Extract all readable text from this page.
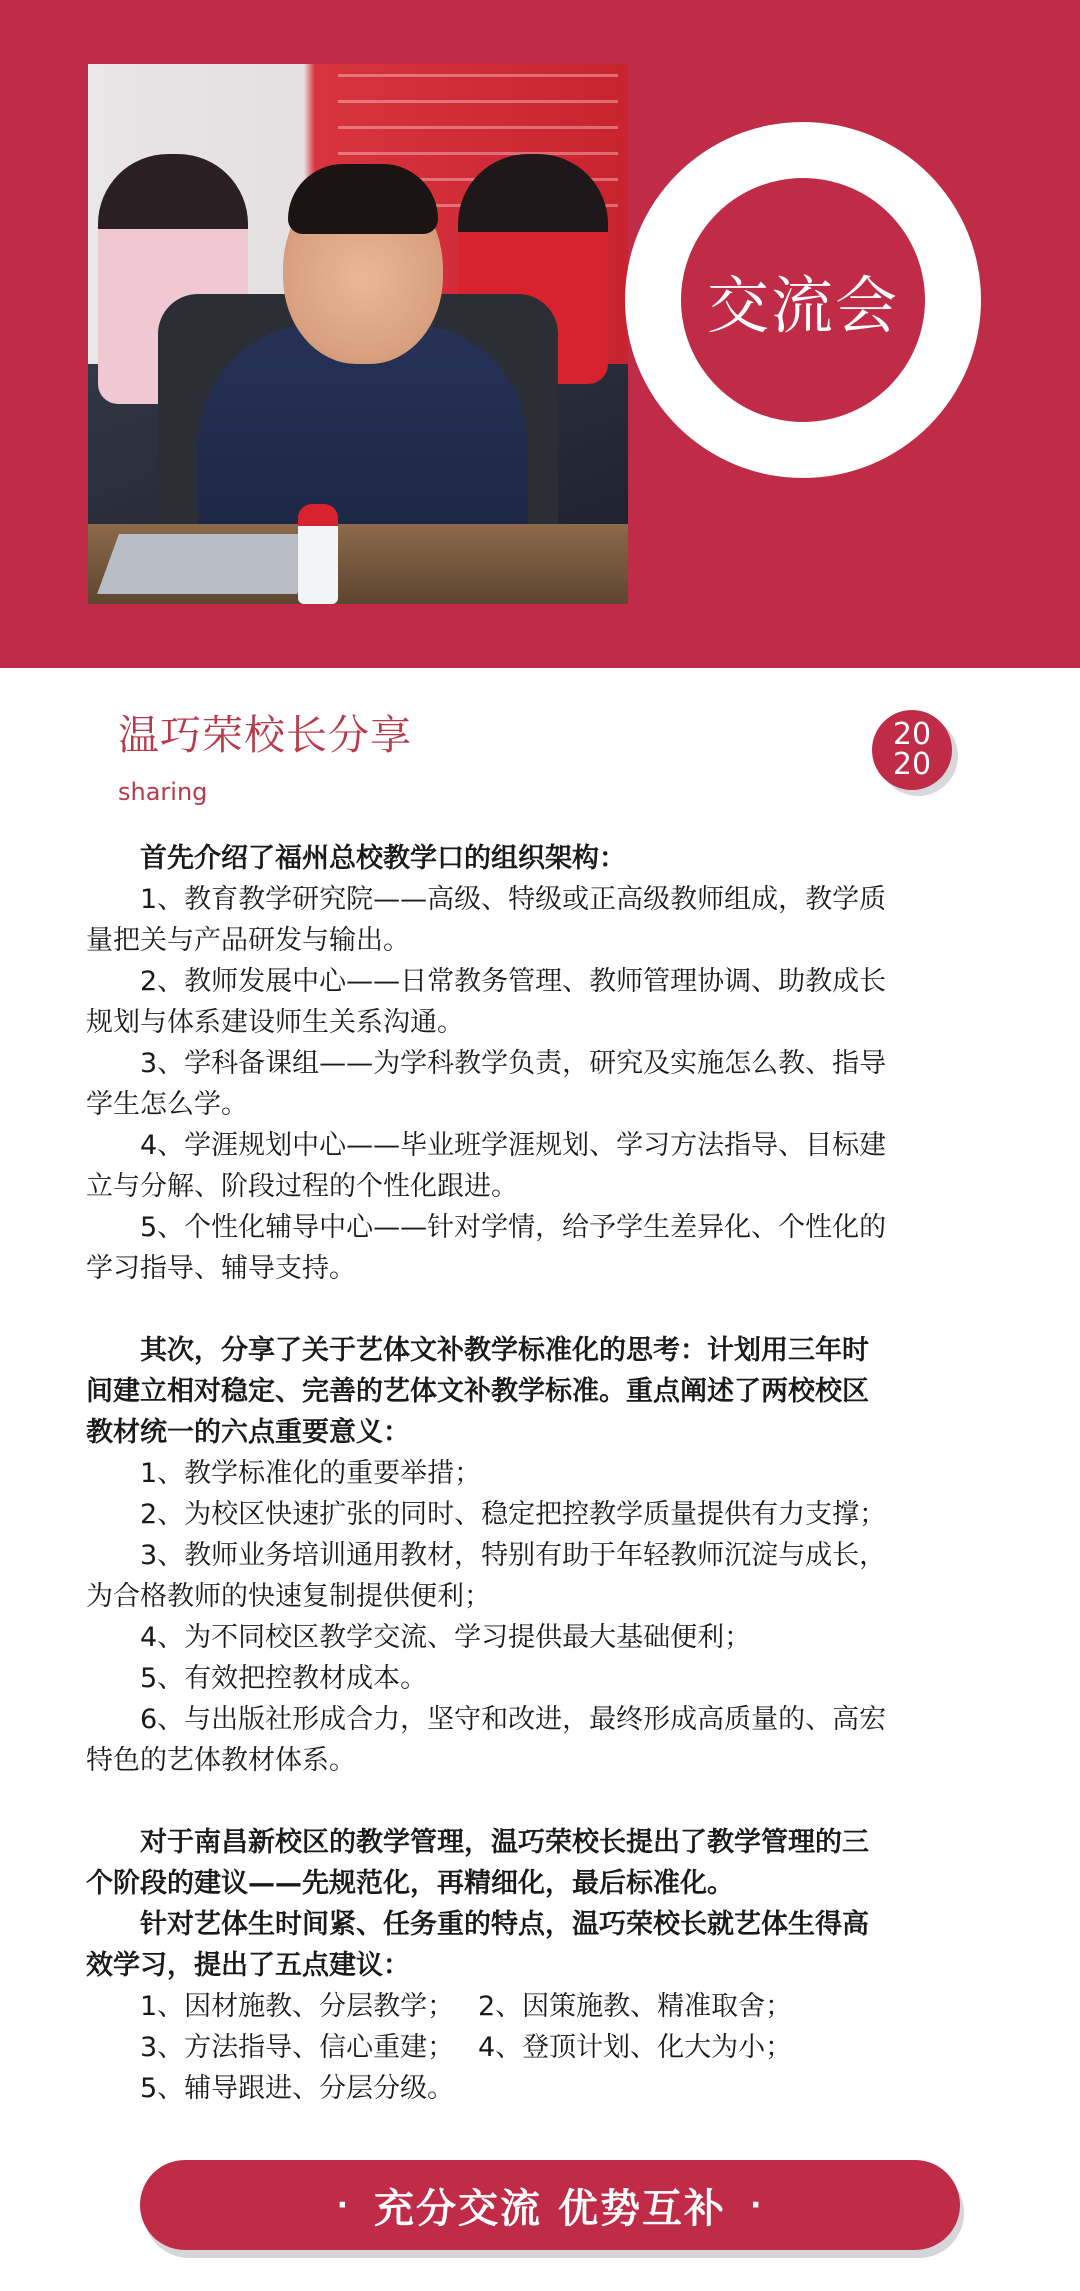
交流会
温巧荣校长分享
sharing
20
20

首先介绍了福州总校教学口的组织架构：

1、教育教学研究院——高级、特级或正高级教师组成，教学质

量把关与产品研发与输出。

2、教师发展中心——日常教务管理、教师管理协调、助教成长

规划与体系建设师生关系沟通。

3、学科备课组——为学科教学负责，研究及实施怎么教、指导

学生怎么学。

4、学涯规划中心——毕业班学涯规划、学习方法指导、目标建

立与分解、阶段过程的个性化跟进。

5、个性化辅导中心——针对学情，给予学生差异化、个性化的

学习指导、辅导支持。

其次，分享了关于艺体文补教学标准化的思考：计划用三年时

间建立相对稳定、完善的艺体文补教学标准。重点阐述了两校校区

教材统一的六点重要意义：

1、教学标准化的重要举措；

2、为校区快速扩张的同时、稳定把控教学质量提供有力支撑；

3、教师业务培训通用教材，特别有助于年轻教师沉淀与成长，

为合格教师的快速复制提供便利；

4、为不同校区教学交流、学习提供最大基础便利；

5、有效把控教材成本。

6、与出版社形成合力，坚守和改进，最终形成高质量的、高宏

特色的艺体教材体系。

对于南昌新校区的教学管理，温巧荣校长提出了教学管理的三

个阶段的建议——先规范化，再精细化，最后标准化。

针对艺体生时间紧、任务重的特点，温巧荣校长就艺体生得高

效学习，提出了五点建议：

1、因材施教、分层教学； 2、因策施教、精准取舍；

3、方法指导、信心重建； 4、登顶计划、化大为小；

5、辅导跟进、分层分级。

· 充分交流 优势互补 ·
